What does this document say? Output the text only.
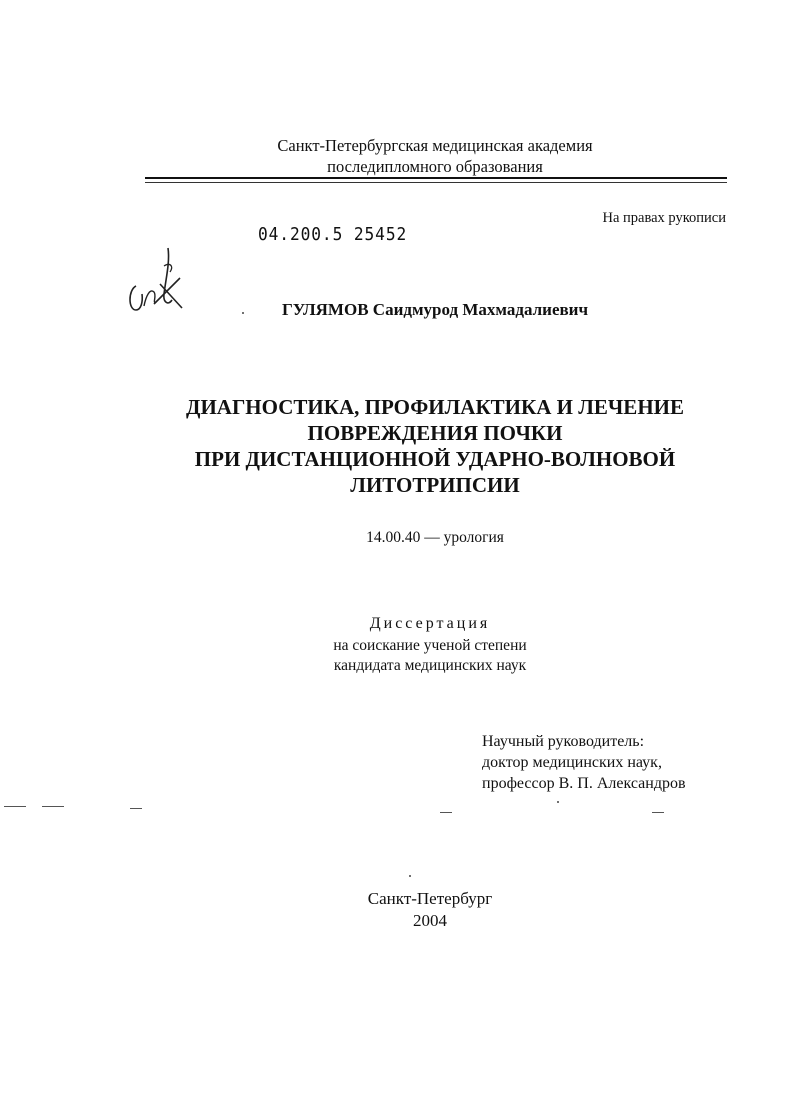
Санкт-Петербургская медицинская академия
последипломного образования
04.200.5 25452
На правах рукописи
ГУЛЯМОВ Саидмурод Махмадалиевич
ДИАГНОСТИКА, ПРОФИЛАКТИКА И ЛЕЧЕНИЕ
ПОВРЕЖДЕНИЯ ПОЧКИ
ПРИ ДИСТАНЦИОННОЙ УДАРНО-ВОЛНОВОЙ
ЛИТОТРИПСИИ
14.00.40 — урология
Диссертация
на соискание ученой степени
кандидата медицинских наук
Научный руководитель:
доктор медицинских наук,
профессор В. П. Александров
Санкт-Петербург
2004
